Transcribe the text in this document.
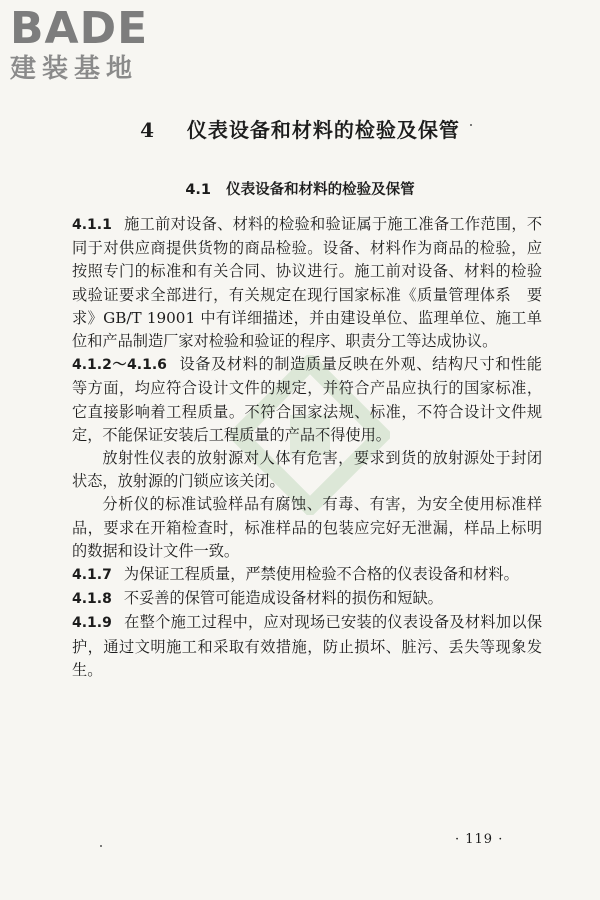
BADE
建装基地
4 仪表设备和材料的检验及保管
4.1 仪表设备和材料的检验及保管

4.1.1 施工前对设备、材料的检验和验证属于施工准备工作范围，不同于对供应商提供货物的商品检验。设备、材料作为商品的检验，应按照专门的标准和有关合同、协议进行。施工前对设备、材料的检验或验证要求全部进行，有关规定在现行国家标准《质量管理体系　要求》GB/T 19001 中有详细描述，并由建设单位、监理单位、施工单位和产品制造厂家对检验和验证的程序、职责分工等达成协议。

4.1.2～4.1.6 设备及材料的制造质量反映在外观、结构尺寸和性能等方面，均应符合设计文件的规定，并符合产品应执行的国家标准，它直接影响着工程质量。不符合国家法规、标准，不符合设计文件规定，不能保证安装后工程质量的产品不得使用。

放射性仪表的放射源对人体有危害，要求到货的放射源处于封闭状态，放射源的门锁应该关闭。

分析仪的标准试验样品有腐蚀、有毒、有害，为安全使用标准样品，要求在开箱检查时，标准样品的包装应完好无泄漏，样品上标明的数据和设计文件一致。

4.1.7 为保证工程质量，严禁使用检验不合格的仪表设备和材料。

4.1.8 不妥善的保管可能造成设备材料的损伤和短缺。

4.1.9 在整个施工过程中，应对现场已安装的仪表设备及材料加以保护，通过文明施工和采取有效措施，防止损坏、脏污、丢失等现象发生。

· 119 ·
